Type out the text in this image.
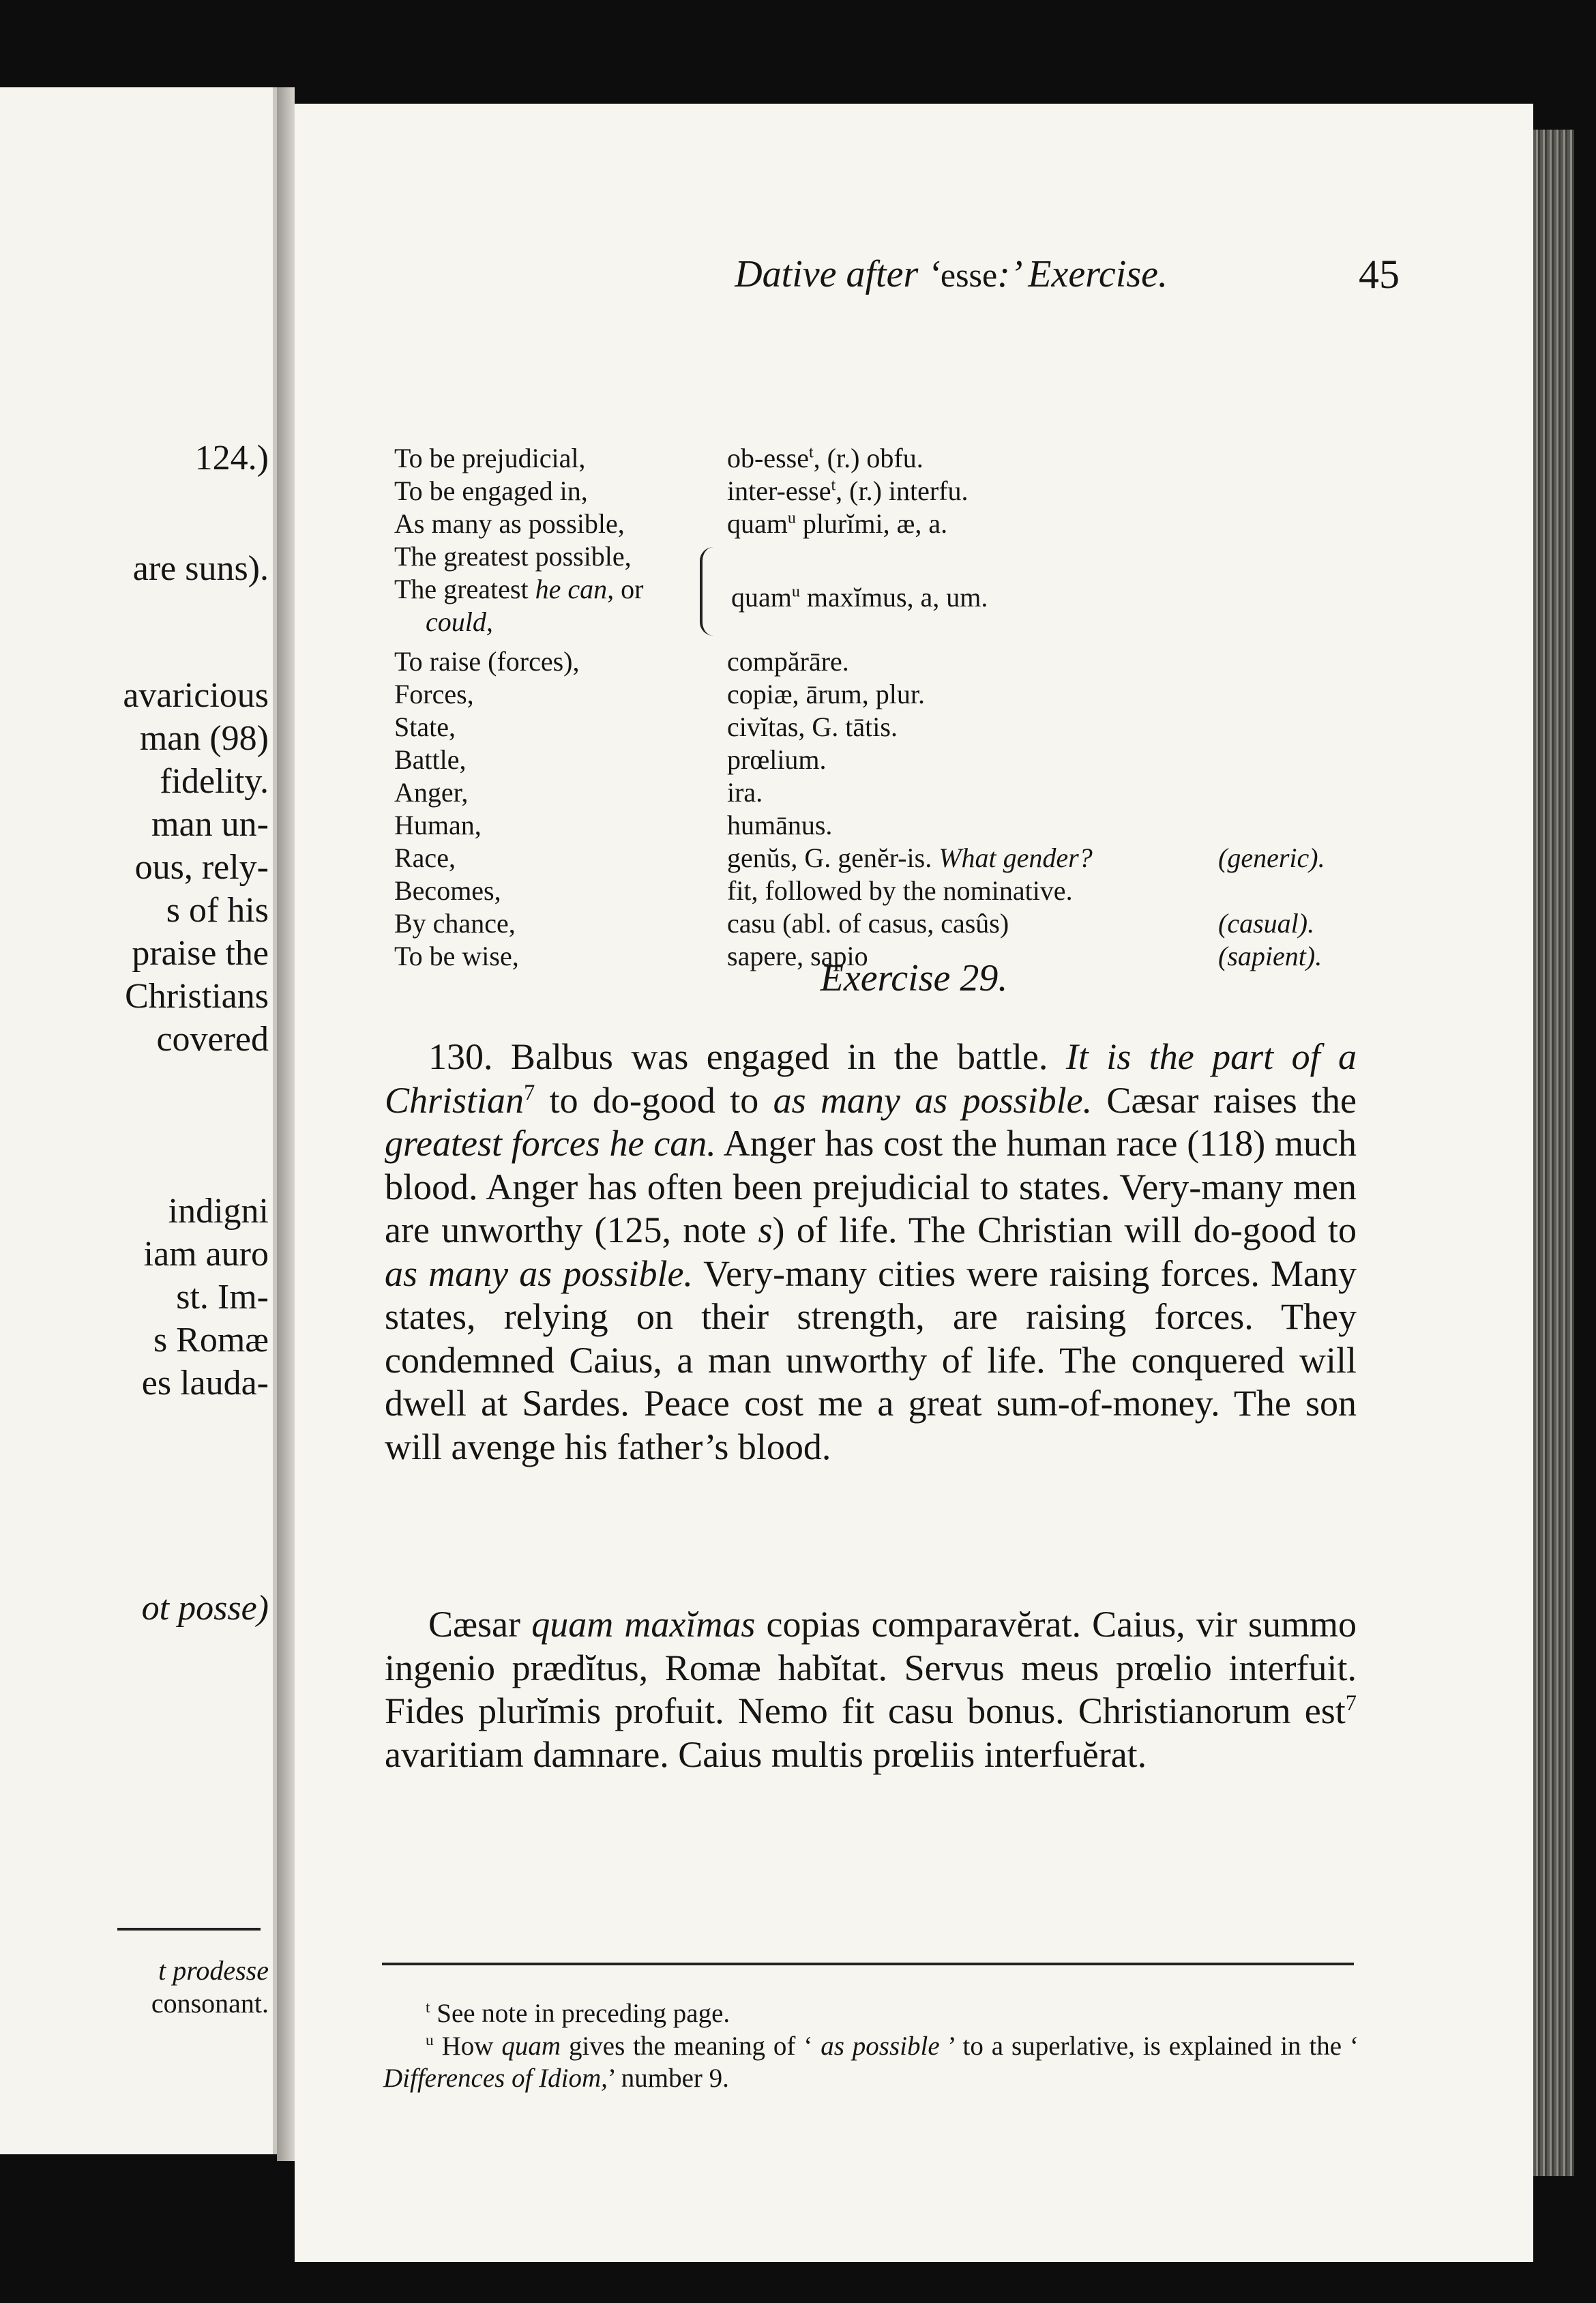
124.)
are suns).
avaricious
man (98)
fidelity.
man un-
ous, rely-
s of his
praise the
Christians
covered
indigni
iam auro
st. Im-
s Romæ
es lauda-
ot posse)
t prodesse
consonant.
Dative after ‘esse:’ Exercise.	45
To be prejudicial,	ob-esse$^t$, (r.) obfu.
To be engaged in,	inter-esse$^t$, (r.) interfu.
As many as possible,	quam$^u$ plurĭmi, æ, a.
The greatest possible,
The greatest he can, or	quam$^u$ maxĭmus, a, um.
could,
To raise (forces),	compărāre.
Forces,	copiæ, ārum, plur.
State,	civĭtas, G. tātis.
Battle,	prœlium.
Anger,	ira.
Human,	humānus.
Race,	genŭs, G. genĕr-is. What gender?	(generic).
Becomes,	fit, followed by the nominative.
By chance,	casu (abl. of casus, casûs)	(casual).
To be wise,	sapere, sapio	(sapient).
Exercise 29.
130. Balbus was engaged in the battle. It is the part of a Christian$^7$ to do-good to as many as possible. Cæsar raises the greatest forces he can. Anger has cost the human race (118) much blood. Anger has often been prejudicial to states. Very-many men are unworthy (125, note s) of life. The Christian will do-good to as many as possible. Very-many cities were raising forces. Many states, relying on their strength, are raising forces. They condemned Caius, a man unworthy of life. The conquered will dwell at Sardes. Peace cost me a great sum-of-money. The son will avenge his father’s blood.
Cæsar quam maxĭmas copias comparavĕrat. Caius, vir summo ingenio prædĭtus, Romæ habĭtat. Servus meus prœlio interfuit. Fides plurĭmis profuit. Nemo fit casu bonus. Christianorum est$^7$ avaritiam damnare. Caius multis prœliis interfuĕrat.
$^t$ See note in preceding page.
$^u$ How quam gives the meaning of ‘ as possible ’ to a superlative, is explained in the ‘ Differences of Idiom,’ number 9.
